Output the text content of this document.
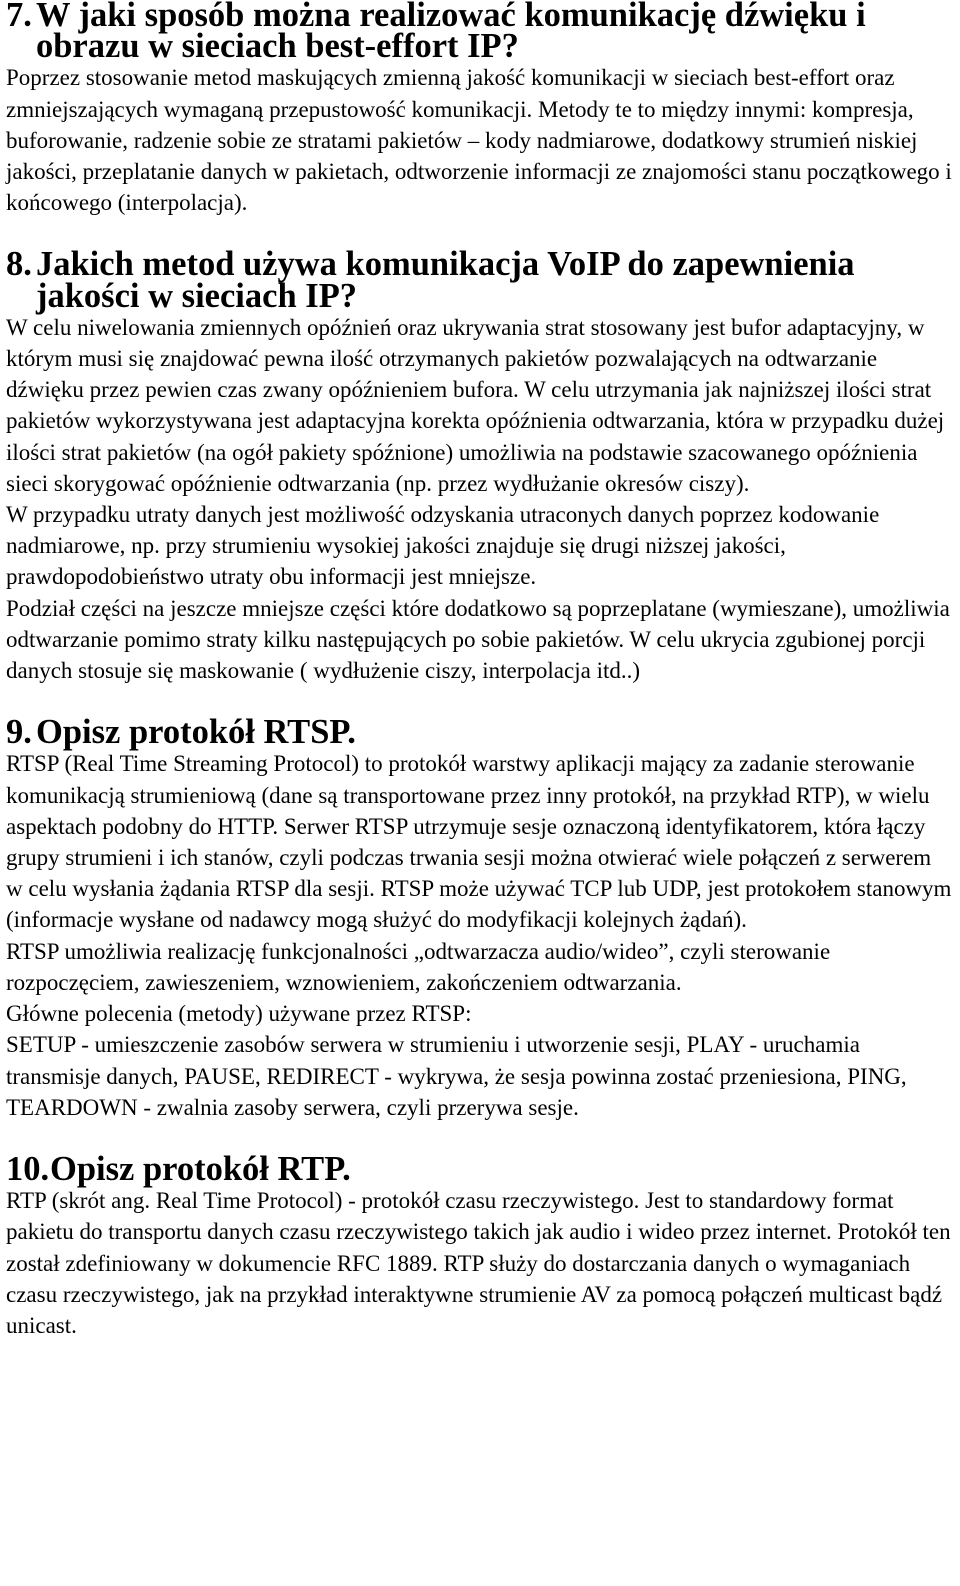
7. W jaki sposób można realizować komunikację dźwięku i obrazu w sieciach best-effort IP?

Poprzez stosowanie metod maskujących zmienną jakość komunikacji w sieciach best-effort oraz zmniejszających wymaganą przepustowość komunikacji. Metody te to między innymi: kompresja, buforowanie, radzenie sobie ze stratami pakietów – kody nadmiarowe, dodatkowy strumień niskiej jakości, przeplatanie danych w pakietach, odtworzenie informacji ze znajomości stanu początkowego i końcowego (interpolacja).

8. Jakich metod używa komunikacja VoIP do zapewnienia jakości w sieciach IP?

W celu niwelowania zmiennych opóźnień oraz ukrywania strat stosowany jest bufor adaptacyjny, w którym musi się znajdować pewna ilość otrzymanych pakietów pozwalających na odtwarzanie dźwięku przez pewien czas zwany opóźnieniem bufora. W celu utrzymania jak najniższej ilości strat pakietów wykorzystywana jest adaptacyjna korekta opóźnienia odtwarzania, która w przypadku dużej ilości strat pakietów (na ogół pakiety spóźnione) umożliwia na podstawie szacowanego opóźnienia sieci skorygować opóźnienie odtwarzania (np. przez wydłużanie okresów ciszy).

W przypadku utraty danych jest możliwość odzyskania utraconych danych poprzez kodowanie nadmiarowe, np. przy strumieniu wysokiej jakości znajduje się drugi niższej jakości, prawdopodobieństwo utraty obu informacji jest mniejsze.

Podział części na jeszcze mniejsze części które dodatkowo są poprzeplatane (wymieszane), umożliwia odtwarzanie pomimo straty kilku następujących po sobie pakietów. W celu ukrycia zgubionej porcji danych stosuje się maskowanie ( wydłużenie ciszy, interpolacja itd..)

9. Opisz protokół RTSP.

RTSP (Real Time Streaming Protocol) to protokół warstwy aplikacji mający za zadanie sterowanie komunikacją strumieniową (dane są transportowane przez inny protokół, na przykład RTP), w wielu aspektach podobny do HTTP. Serwer RTSP utrzymuje sesje oznaczoną identyfikatorem, która łączy grupy strumieni i ich stanów, czyli podczas trwania sesji można otwierać wiele połączeń z serwerem w celu wysłania żądania RTSP dla sesji. RTSP może używać TCP lub UDP, jest protokołem stanowym (informacje wysłane od nadawcy mogą służyć do modyfikacji kolejnych żądań).

RTSP umożliwia realizację funkcjonalności „odtwarzacza audio/wideo”, czyli sterowanie rozpoczęciem, zawieszeniem, wznowieniem, zakończeniem odtwarzania.

Główne polecenia (metody) używane przez RTSP:

SETUP - umieszczenie zasobów serwera w strumieniu i utworzenie sesji, PLAY - uruchamia transmisje danych, PAUSE, REDIRECT - wykrywa, że sesja powinna zostać przeniesiona, PING, TEARDOWN - zwalnia zasoby serwera, czyli przerywa sesje.

10.Opisz protokół RTP.

RTP (skrót ang. Real Time Protocol) - protokół czasu rzeczywistego. Jest to standardowy format pakietu do transportu danych czasu rzeczywistego takich jak audio i wideo przez internet. Protokół ten został zdefiniowany w dokumencie RFC 1889. RTP służy do dostarczania danych o wymaganiach czasu rzeczywistego, jak na przykład interaktywne strumienie AV za pomocą połączeń multicast bądź unicast.
